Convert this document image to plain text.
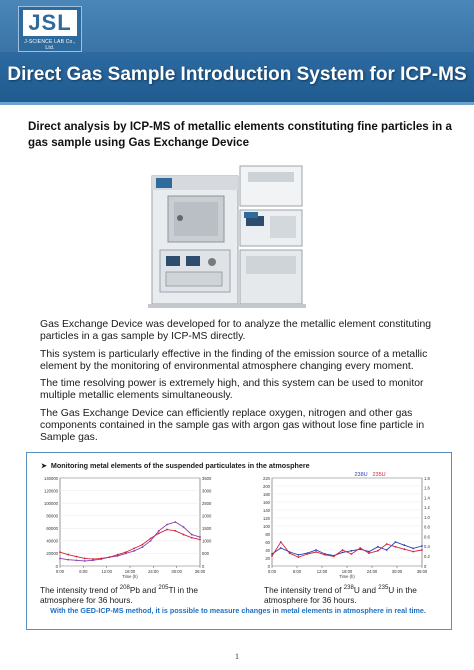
JSL
J-SCIENCE LAB Co., Ltd.
Direct Gas Sample Introduction System for ICP-MS
Direct analysis by ICP-MS of metallic elements constituting fine particles in a gas sample using Gas Exchange Device

Gas Exchange Device was developed for to analyze the metallic element constituting particles in a gas sample by ICP-MS directly.

This system is particularly effective in the finding of the emission source of a metallic element by the monitoring of environmental atmosphere changing every moment.

The time resolving power is extremely high, and this system can be used to monitor multiple metallic elements simultaneously.

The Gas Exchange Device can efficiently replace oxygen, nitrogen and other gas components contained in the sample gas with argon gas without lose fine particle in Sample gas.

➤ Monitoring metal elements of the suspended particulates in the atmosphere
0
20000
40000
60000
80000
100000
120000
140000
0
500
1000
1500
2000
2500
3000
3500
0:00	6:00	12:00	18:00	24:00	30:00	36:00
Time (h)
0
20
40
60
80
100
120
140
160
180
200
220
0
0.2
0.4
0.6
0.8
1.0
1.2
1.4
1.6
1.8
0:00	6:00	12:00	18:00	24:00	30:00	36:00
Time (h)
238U 235U
The intensity trend of $^{208}$Pb and $^{205}$Tl in the
atmosphere for 36 hours.
The intensity trend of $^{238}$U and $^{235}$U in the
atmosphere for 36 hours.
With the GED-ICP-MS method, it is possible to measure changes in metal elements in atmosphere in real time.
1
